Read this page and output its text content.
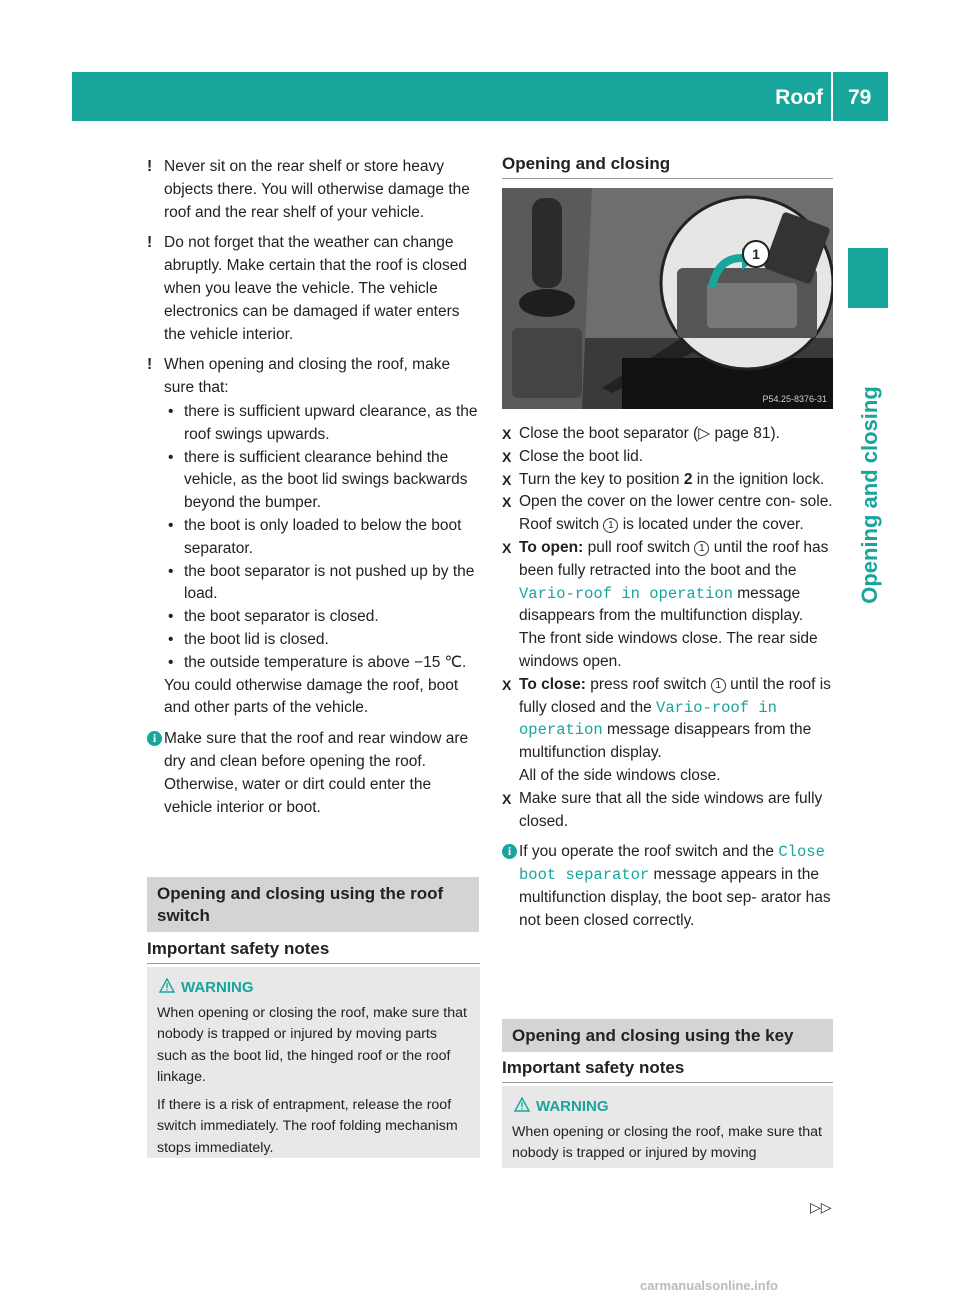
Roof 79
Opening and closing

! Never sit on the rear shelf or store heavy objects there. You will otherwise damage the roof and the rear shelf of your vehicle.

! Do not forget that the weather can change abruptly. Make certain that the roof is closed when you leave the vehicle. The vehicle electronics can be damaged if water enters the vehicle interior.

! When opening and closing the roof, make sure that:

• there is sufficient upward clearance, as the roof swings upwards.

• there is sufficient clearance behind the vehicle, as the boot lid swings backwards beyond the bumper.

• the boot is only loaded to below the boot separator.

• the boot separator is not pushed up by the load.

• the boot separator is closed.

• the boot lid is closed.

• the outside temperature is above −15 ℃.

You could otherwise damage the roof, boot and other parts of the vehicle.

i Make sure that the roof and rear window are dry and clean before opening the roof. Otherwise, water or dirt could enter the vehicle interior or boot.

Opening and closing using the roof switch
Important safety notes
WARNING

When opening or closing the roof, make sure that nobody is trapped or injured by moving parts such as the boot lid, the hinged roof or the roof linkage.

If there is a risk of entrapment, release the roof switch immediately. The roof folding mechanism stops immediately.

Opening and closing
1
P54.25-8376-31

X Close the boot separator (▷ page 81).

X Close the boot lid.

X Turn the key to position 2 in the ignition lock.

X Open the cover on the lower centre con- sole.
Roof switch 1 is located under the cover.

X To open: pull roof switch 1 until the roof has been fully retracted into the boot and the Vario-roof in operation message disappears from the multifunction display. The front side windows close. The rear side windows open.

X To close: press roof switch 1 until the roof is fully closed and the Vario-roof in operation message disappears from the multifunction display.
All of the side windows close.

X Make sure that all the side windows are fully closed.

i If you operate the roof switch and the Close boot separator message appears in the multifunction display, the boot sep- arator has not been closed correctly.

Opening and closing using the key
Important safety notes
WARNING

When opening or closing the roof, make sure that nobody is trapped or injured by moving

▷▷
carmanualsonline.info
